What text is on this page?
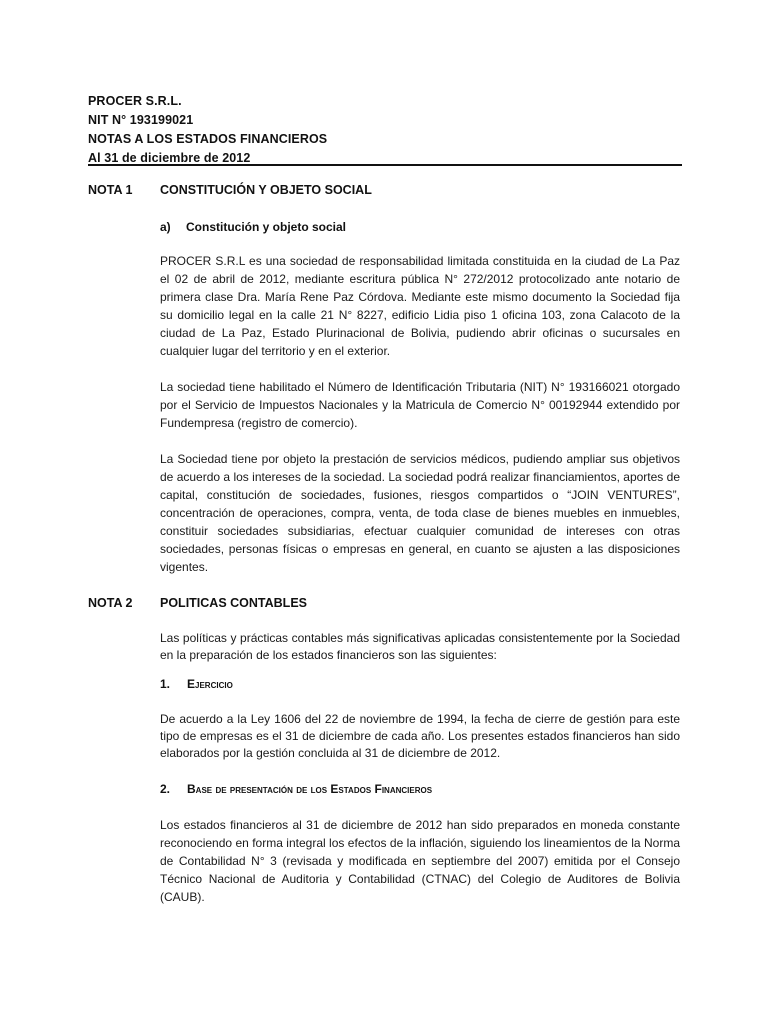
PROCER S.R.L.
NIT N° 193199021
NOTAS A LOS ESTADOS FINANCIEROS
Al 31 de diciembre de 2012
NOTA 1 CONSTITUCIÓN Y OBJETO SOCIAL
a) Constitución y objeto social
PROCER S.R.L es una sociedad de responsabilidad limitada constituida en la ciudad de La Paz el 02 de abril de 2012, mediante escritura pública N° 272/2012 protocolizado ante notario de primera clase Dra. María Rene Paz Córdova. Mediante este mismo documento la Sociedad fija su domicilio legal en la calle 21 N° 8227, edificio Lidia piso 1 oficina 103, zona Calacoto de la ciudad de La Paz, Estado Plurinacional de Bolivia, pudiendo abrir oficinas o sucursales en cualquier lugar del territorio y en el exterior.
La sociedad tiene habilitado el Número de Identificación Tributaria (NIT) N° 193166021 otorgado por el Servicio de Impuestos Nacionales y la Matricula de Comercio N° 00192944 extendido por Fundempresa (registro de comercio).
La Sociedad tiene por objeto la prestación de servicios médicos, pudiendo ampliar sus objetivos de acuerdo a los intereses de la sociedad. La sociedad podrá realizar financiamientos, aportes de capital, constitución de sociedades, fusiones, riesgos compartidos o “JOIN VENTURES”, concentración de operaciones, compra, venta, de toda clase de bienes muebles en inmuebles, constituir sociedades subsidiarias, efectuar cualquier comunidad de intereses con otras sociedades, personas físicas o empresas en general, en cuanto se ajusten a las disposiciones vigentes.
NOTA 2 POLITICAS CONTABLES
Las políticas y prácticas contables más significativas aplicadas consistentemente por la Sociedad en la preparación de los estados financieros son las siguientes:
1. Ejercicio
De acuerdo a la Ley 1606 del 22 de noviembre de 1994, la fecha de cierre de gestión para este tipo de empresas es el 31 de diciembre de cada año. Los presentes estados financieros han sido elaborados por la gestión concluida al 31 de diciembre de 2012.
2. Base de presentación de los Estados Financieros
Los estados financieros al 31 de diciembre de 2012 han sido preparados en moneda constante reconociendo en forma integral los efectos de la inflación, siguiendo los lineamientos de la Norma de Contabilidad N° 3 (revisada y modificada en septiembre del 2007) emitida por el Consejo Técnico Nacional de Auditoria y Contabilidad (CTNAC) del Colegio de Auditores de Bolivia (CAUB).
